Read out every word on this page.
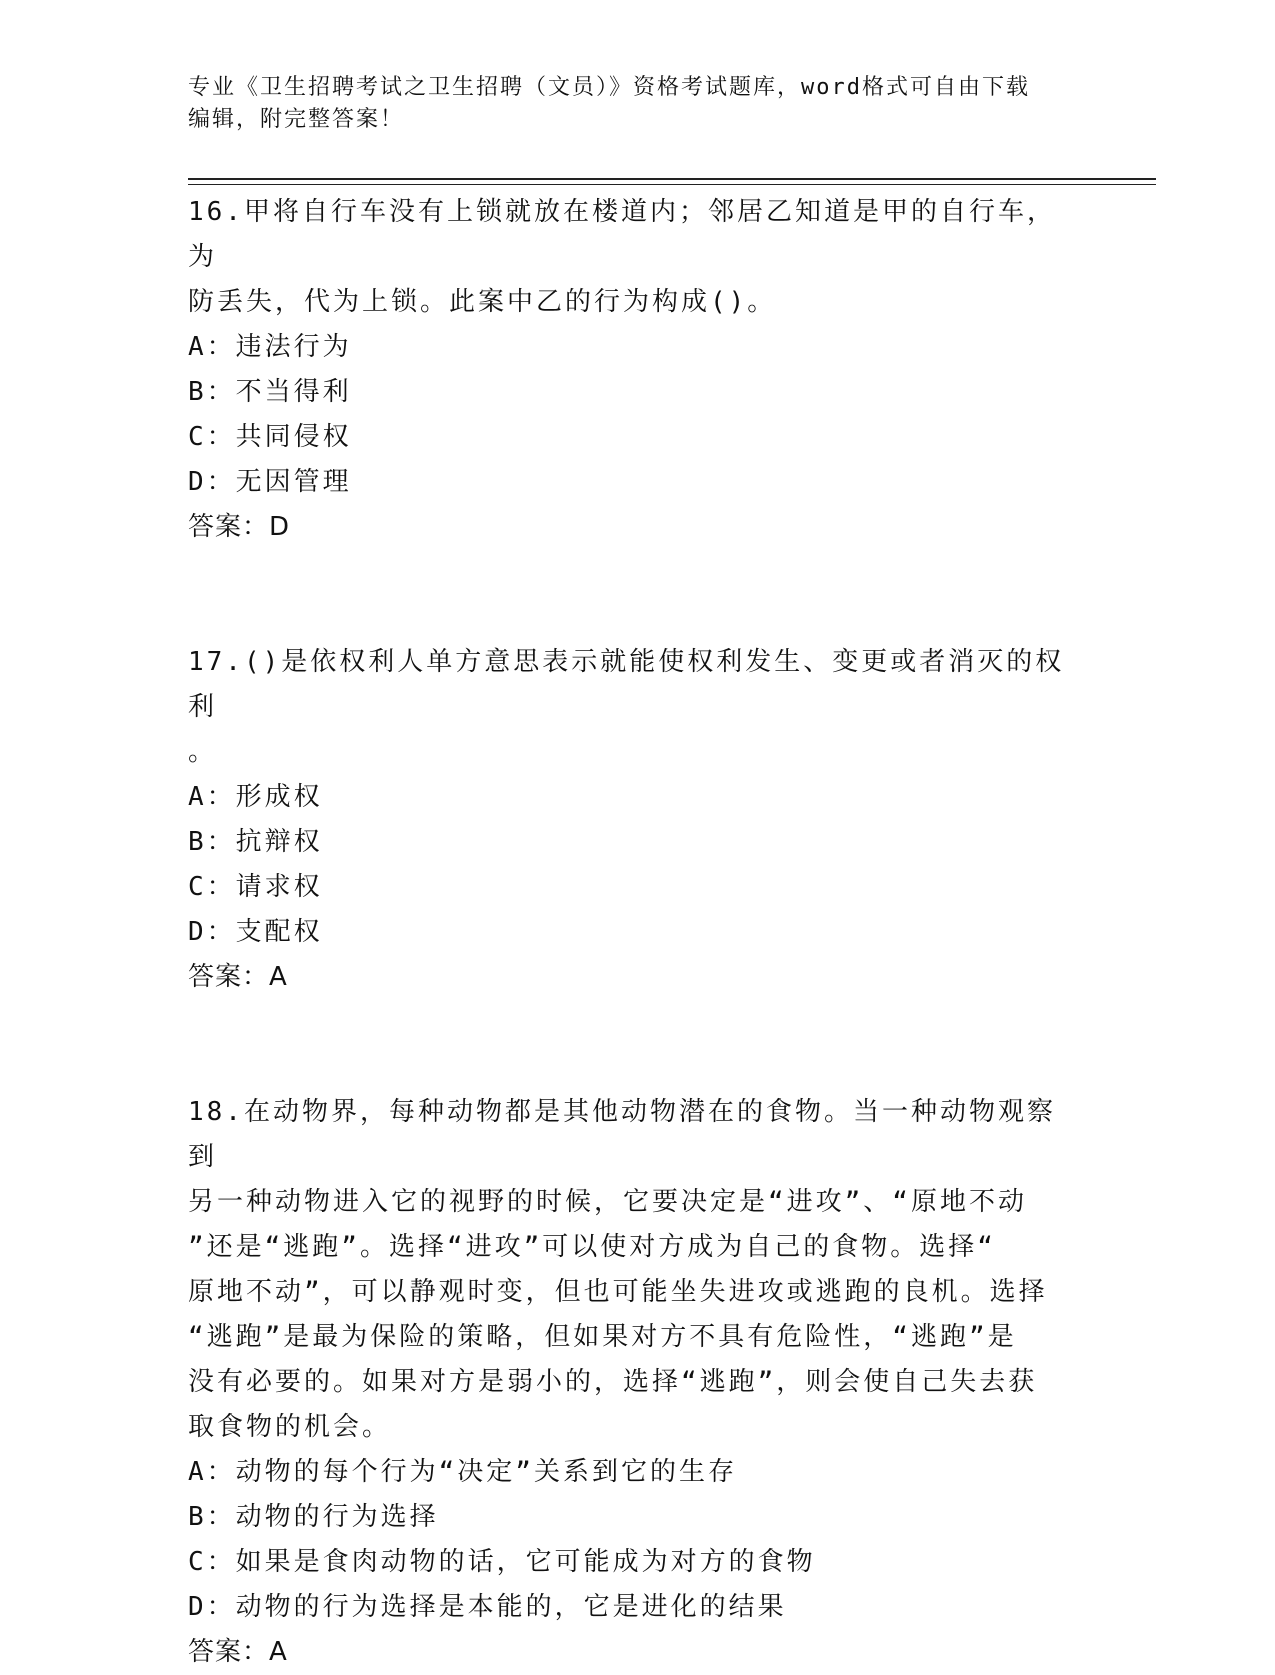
专业《卫生招聘考试之卫生招聘（文员）》资格考试题库，word格式可自由下载
编辑，附完整答案！
16.甲将自行车没有上锁就放在楼道内；邻居乙知道是甲的自行车，为
防丢失，代为上锁。此案中乙的行为构成()。
A：违法行为
B：不当得利
C：共同侵权
D：无因管理
答案：D
17.()是依权利人单方意思表示就能使权利发生、变更或者消灭的权利
。
A：形成权
B：抗辩权
C：请求权
D：支配权
答案：A
18.在动物界，每种动物都是其他动物潜在的食物。当一种动物观察到
另一种动物进入它的视野的时候，它要决定是“进攻”、“原地不动
”还是“逃跑”。选择“进攻”可以使对方成为自己的食物。选择“
原地不动”，可以静观时变，但也可能坐失进攻或逃跑的良机。选择
“逃跑”是最为保险的策略，但如果对方不具有危险性，“逃跑”是
没有必要的。如果对方是弱小的，选择“逃跑”，则会使自己失去获
取食物的机会。
A：动物的每个行为“决定”关系到它的生存
B：动物的行为选择
C：如果是食肉动物的话，它可能成为对方的食物
D：动物的行为选择是本能的，它是进化的结果
答案：A
